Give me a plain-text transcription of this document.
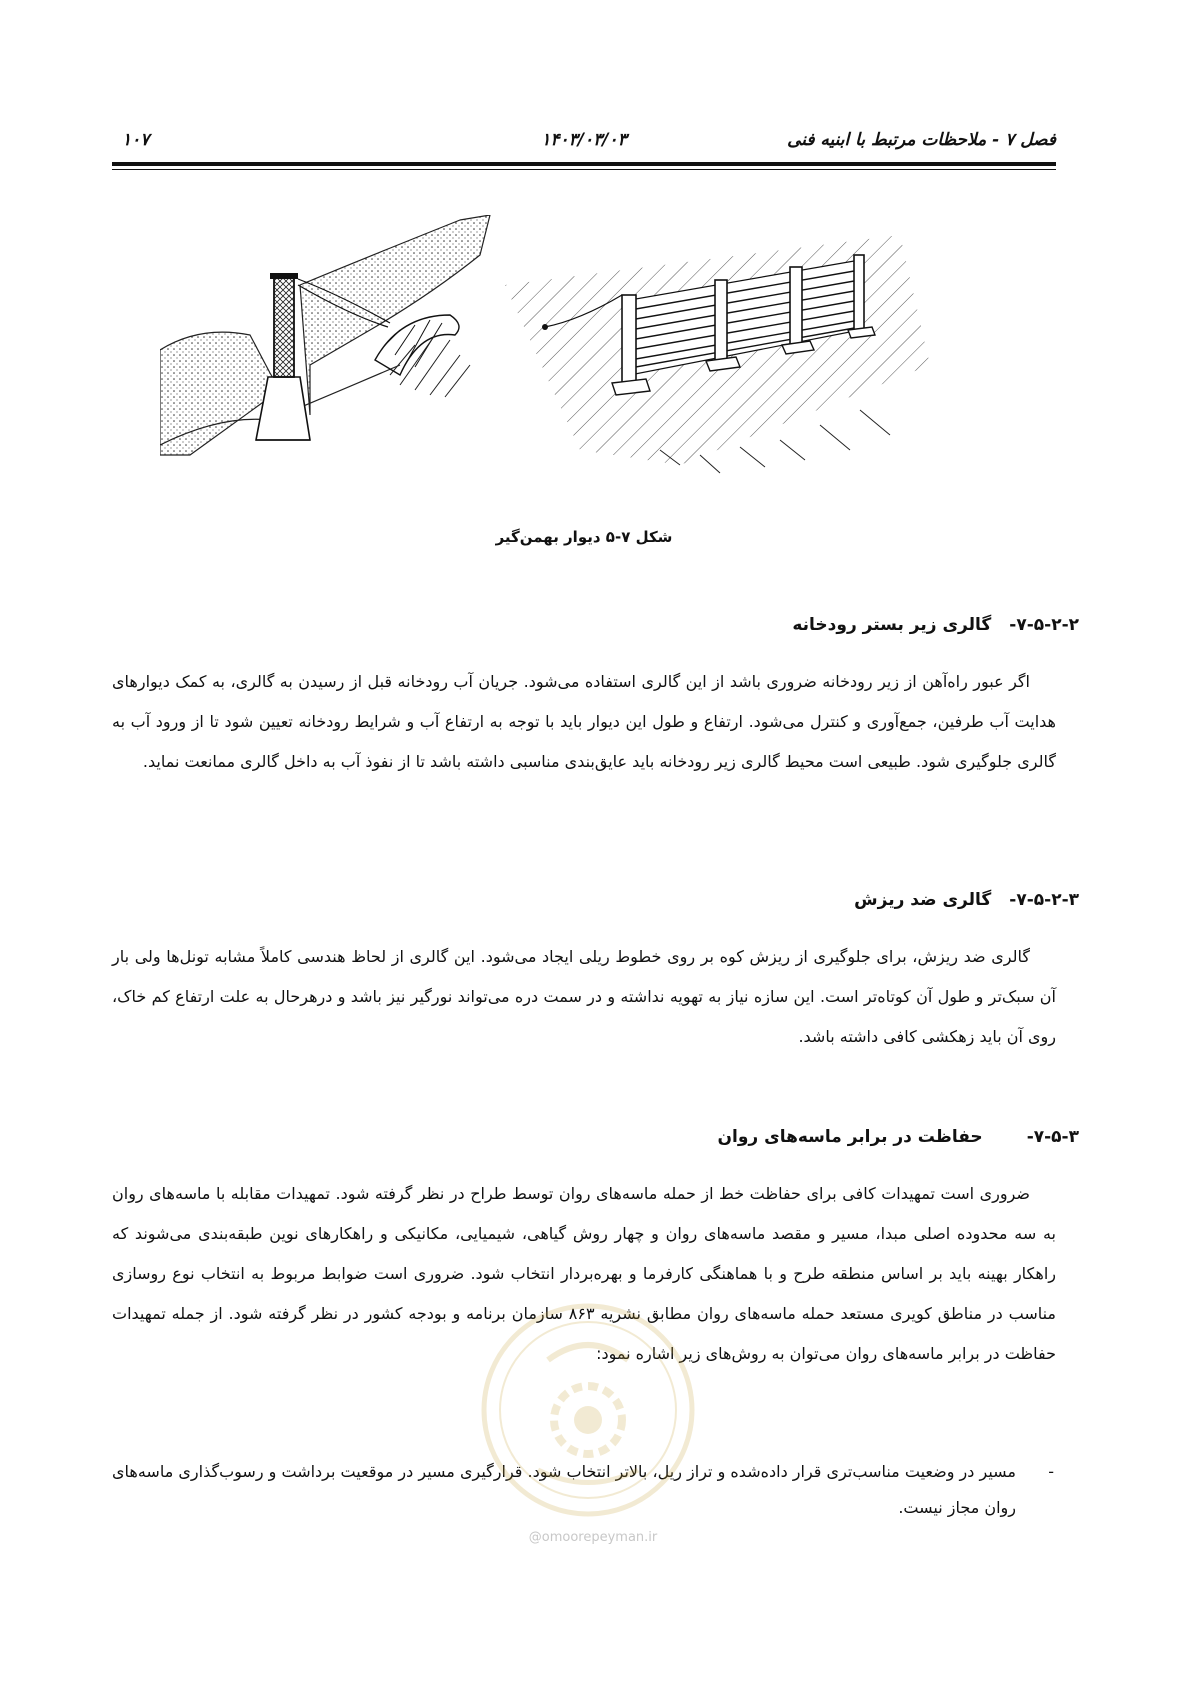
فصل ۷ - ملاحظات مرتبط با ابنیه فنی
۱۴۰۳/۰۳/۰۳
۱۰۷
شکل ۷-۵ دیوار بهمن‌گیر
۷-۵-۲-۲-گالری زیر بستر رودخانه

اگر عبور راه‌آهن از زیر رودخانه ضروری باشد از این گالری استفاده می‌شود. جریان آب رودخانه قبل از رسیدن به گالری، به کمک دیوارهای هدایت آب طرفین، جمع‌آوری و کنترل می‌شود. ارتفاع و طول این دیوار باید با توجه به ارتفاع آب و شرایط رودخانه تعیین شود تا از ورود آب به گالری جلوگیری شود. طبیعی است محیط گالری زیر رودخانه باید عایق‌بندی مناسبی داشته باشد تا از نفوذ آب به داخل گالری ممانعت نماید.

۷-۵-۲-۳-گالری ضد ریزش

گالری ضد ریزش، برای جلوگیری از ریزش کوه بر روی خطوط ریلی ایجاد می‌شود. این گالری از لحاظ هندسی کاملاً مشابه تونل‌ها ولی بار آن سبک‌تر و طول آن کوتاه‌تر است. این سازه نیاز به تهویه نداشته و در سمت دره می‌تواند نورگیر نیز باشد و درهرحال به علت ارتفاع کم خاک، روی آن باید زهکشی کافی داشته باشد.

۷-۵-۳-حفاظت در برابر ماسه‌های روان

ضروری است تمهیدات کافی برای حفاظت خط از حمله ماسه‌های روان توسط طراح در نظر گرفته شود. تمهیدات مقابله با ماسه‌های روان به سه محدوده اصلی مبدا، مسیر و مقصد ماسه‌های روان و چهار روش گیاهی، شیمیایی، مکانیکی و راهکارهای نوین طبقه‌بندی می‌شوند که راهکار بهینه باید بر اساس منطقه طرح و با هماهنگی کارفرما و بهره‌بردار انتخاب شود. ضروری است ضوابط مربوط به انتخاب نوع روسازی مناسب در مناطق کویری مستعد حمله ماسه‌های روان مطابق نشریه ۸۶۳ سازمان برنامه و بودجه کشور در نظر گرفته شود. از جمله تمهیدات حفاظت در برابر ماسه‌های روان می‌توان به روش‌های زیر اشاره نمود:

-
مسیر در وضعیت مناسب‌تری قرار داده‌شده و تراز ریل، بالاتر انتخاب شود. قرارگیری مسیر در موقعیت برداشت و رسوب‌گذاری ماسه‌های روان مجاز نیست.
@omoorepeyman.ir
